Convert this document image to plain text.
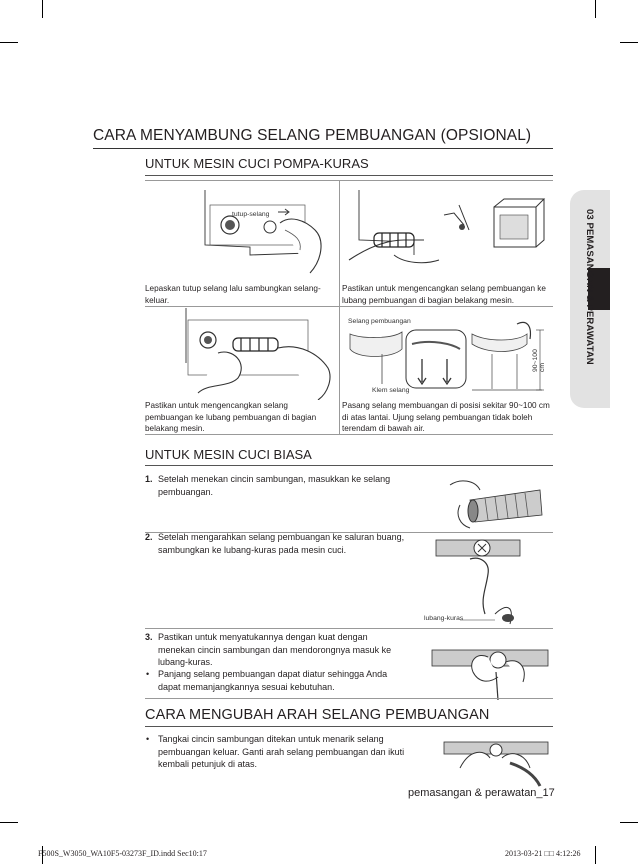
03 PEMASANGAN & PERAWATAN
CARA MENYAMBUNG SELANG PEMBUANGAN (OPSIONAL)
UNTUK MESIN CUCI POMPA-KURAS
tutup-selang
Lepaskan tutup selang lalu sambungkan selang-keluar.
Pastikan untuk mengencangkan selang pembuangan ke lubang pembuangan di bagian belakang mesin.
Selang pembuangan
Klem selang
90~100 cm
Pastikan untuk mengencangkan selang pembuangan ke lubang pembuangan di bagian belakang mesin.
Pasang selang membuangan di posisi sekitar 90~100 cm di atas lantai. Ujung selang pembuangan tidak boleh terendam di bawah air.
UNTUK MESIN CUCI BIASA
1. Setelah menekan cincin sambungan, masukkan ke selang pembuangan.
2. Setelah mengarahkan selang pembuangan ke saluran buang, sambungkan ke lubang-kuras pada mesin cuci.
lubang-kuras
3. Pastikan untuk menyatukannya dengan kuat dengan menekan cincin sambungan dan mendorongnya masuk ke lubang-kuras.
• Panjang selang pembuangan dapat diatur sehingga Anda dapat memanjangkannya sesuai kebutuhan.
CARA MENGUBAH ARAH SELANG PEMBUANGAN
• Tangkai cincin sambungan ditekan untuk menarik selang pembuangan keluar. Ganti arah selang pembuangan dan ikuti kembali petunjuk di atas.
pemasangan & perawatan_17
F500S_W3050_WA10F5-03273F_ID.indd Sec10:17	2013-03-21 □□ 4:12:26
